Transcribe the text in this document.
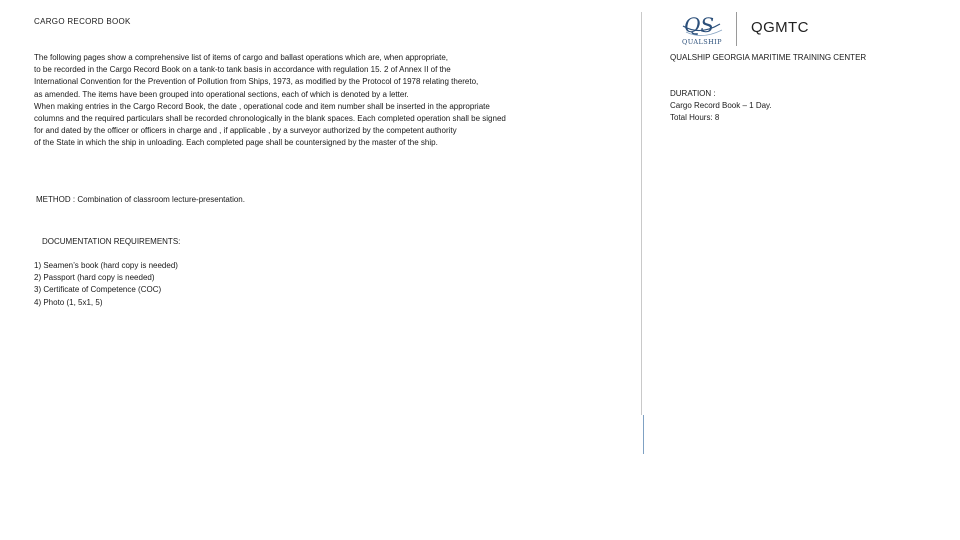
CARGO RECORD BOOK
The following pages show a comprehensive list of items of cargo and ballast operations which are, when appropriate,
to be recorded in the Cargo Record Book on a tank-to tank basis in accordance with regulation 15. 2 of Annex II of the
International Convention for the Prevention of Pollution from Ships, 1973, as modified by the Protocol of 1978 relating thereto,
as amended. The items have been grouped into operational sections, each of which is denoted by a letter.
When making entries in the Cargo Record Book, the date , operational code and item number shall be inserted in the appropriate
columns and the required particulars shall be recorded chronologically in the blank spaces. Each completed operation shall be signed
for and dated by the officer or officers in charge and , if applicable , by a surveyor authorized by the competent authority
of the State in which the ship in unloading. Each completed page shall be countersigned by the master of the ship.
METHOD : Combination of classroom lecture-presentation.
DOCUMENTATION REQUIREMENTS:
1) Seamen’s book (hard copy is needed)
2) Passport (hard copy is needed)
3) Certificate of Competence (COC)
4) Photo (1, 5x1, 5)
QS
QUALSHIP
QGMTC
QUALSHIP GEORGIA MARITIME TRAINING CENTER
DURATION :
Cargo Record Book – 1 Day.
Total Hours: 8
